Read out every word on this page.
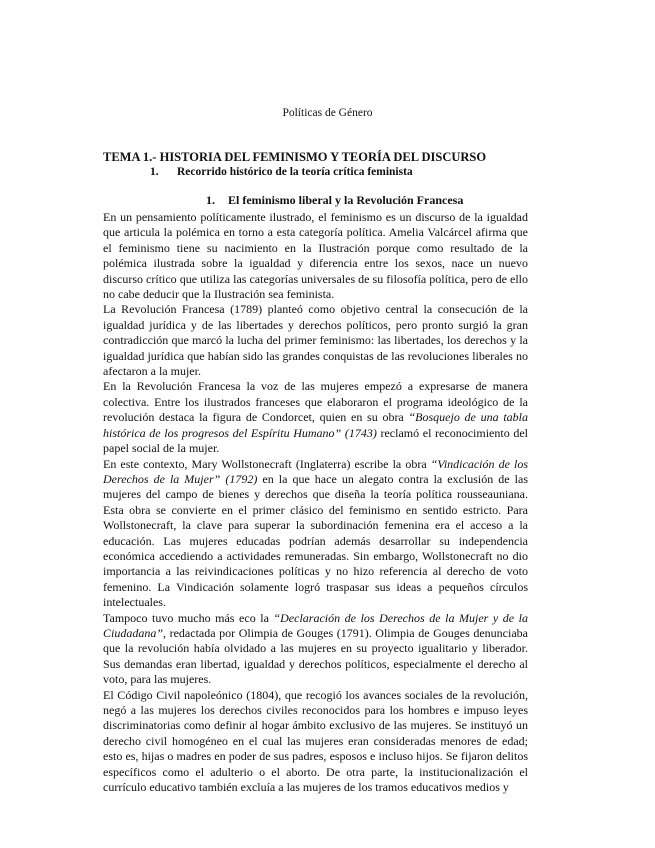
Políticas de Género
TEMA 1.- HISTORIA DEL FEMINISMO Y TEORÍA DEL DISCURSO
1. Recorrido histórico de la teoría crítica feminista
1. El feminismo liberal y la Revolución Francesa

En un pensamiento políticamente ilustrado, el feminismo es un discurso de la igualdad que articula la polémica en torno a esta categoría política. Amelia Valcárcel afirma que el feminismo tiene su nacimiento en la Ilustración porque como resultado de la polémica ilustrada sobre la igualdad y diferencia entre los sexos, nace un nuevo discurso crítico que utiliza las categorías universales de su filosofía política, pero de ello no cabe deducir que la Ilustración sea feminista.

La Revolución Francesa (1789) planteó como objetivo central la consecución de la igualdad jurídica y de las libertades y derechos políticos, pero pronto surgió la gran contradicción que marcó la lucha del primer feminismo: las libertades, los derechos y la igualdad jurídica que habían sido las grandes conquistas de las revoluciones liberales no afectaron a la mujer.

En la Revolución Francesa la voz de las mujeres empezó a expresarse de manera colectiva. Entre los ilustrados franceses que elaboraron el programa ideológico de la revolución destaca la figura de Condorcet, quien en su obra “Bosquejo de una tabla histórica de los progresos del Espíritu Humano” (1743) reclamó el reconocimiento del papel social de la mujer.

En este contexto, Mary Wollstonecraft (Inglaterra) escribe la obra “Vindicación de los Derechos de la Mujer” (1792) en la que hace un alegato contra la exclusión de las mujeres del campo de bienes y derechos que diseña la teoría política rousseauniana. Esta obra se convierte en el primer clásico del feminismo en sentido estricto. Para Wollstonecraft, la clave para superar la subordinación femenina era el acceso a la educación. Las mujeres educadas podrían además desarrollar su independencia económica accediendo a actividades remuneradas. Sin embargo, Wollstonecraft no dio importancia a las reivindicaciones políticas y no hizo referencia al derecho de voto femenino. La Vindicación solamente logró traspasar sus ideas a pequeños círculos intelectuales.

Tampoco tuvo mucho más eco la “Declaración de los Derechos de la Mujer y de la Ciudadana”, redactada por Olimpia de Gouges (1791). Olimpia de Gouges denunciaba que la revolución había olvidado a las mujeres en su proyecto igualitario y liberador. Sus demandas eran libertad, igualdad y derechos políticos, especialmente el derecho al voto, para las mujeres.

El Código Civil napoleónico (1804), que recogió los avances sociales de la revolución, negó a las mujeres los derechos civiles reconocidos para los hombres e impuso leyes discriminatorias como definir al hogar ámbito exclusivo de las mujeres. Se instituyó un derecho civil homogéneo en el cual las mujeres eran consideradas menores de edad; esto es, hijas o madres en poder de sus padres, esposos e incluso hijos. Se fijaron delitos específicos como el adulterio o el aborto. De otra parte, la institucionalización el currículo educativo también excluía a las mujeres de los tramos educativos medios y
